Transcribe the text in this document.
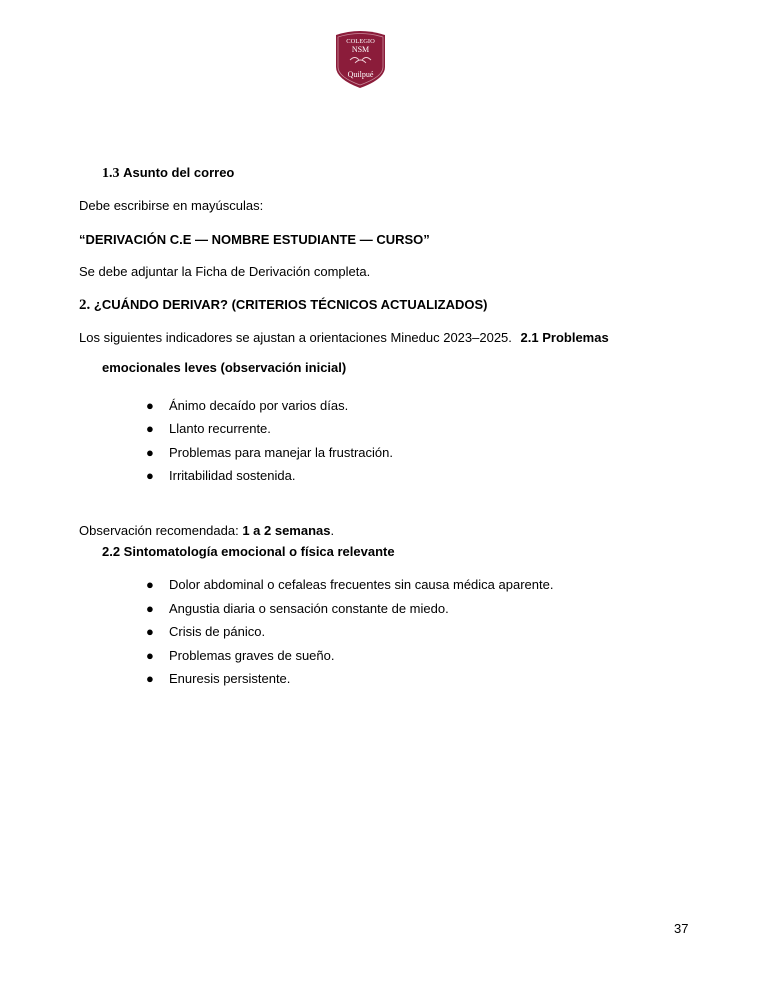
COLEGIO
NSM
Quilpué
1.3 Asunto del correo
Debe escribirse en mayúsculas:
“DERIVACIÓN C.E — NOMBRE ESTUDIANTE — CURSO”
Se debe adjuntar la Ficha de Derivación completa.
2. ¿CUÁNDO DERIVAR? (CRITERIOS TÉCNICOS ACTUALIZADOS)
Los siguientes indicadores se ajustan a orientaciones Mineduc 2023–2025. 2.1 Problemas
emocionales leves (observación inicial)
● Ánimo decaído por varios días.
● Llanto recurrente.
● Problemas para manejar la frustración.
● Irritabilidad sostenida.
Observación recomendada: 1 a 2 semanas.
2.2 Sintomatología emocional o física relevante
● Dolor abdominal o cefaleas frecuentes sin causa médica aparente.
● Angustia diaria o sensación constante de miedo.
● Crisis de pánico.
● Problemas graves de sueño.
● Enuresis persistente.
37
